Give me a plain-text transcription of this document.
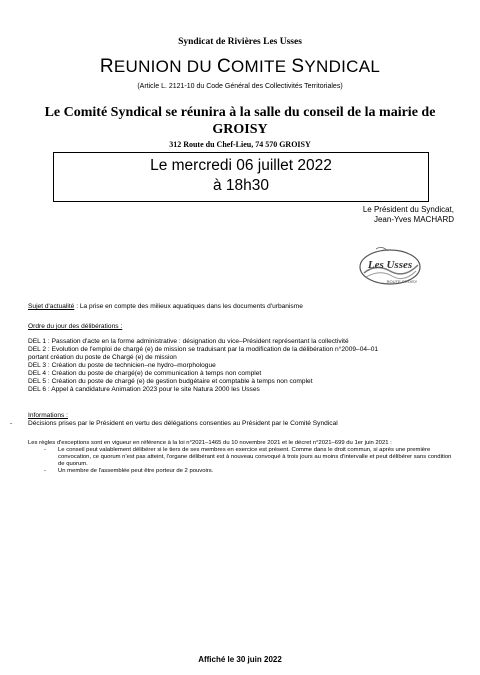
Syndicat de Rivières Les Usses
REUNION DU COMITE SYNDICAL
(Article L. 2121-10 du Code Général des Collectivités Territoriales)
Le Comité Syndical se réunira à la salle du conseil de la mairie de GROISY
312 Route du Chef-Lieu, 74 570 GROISY
Le mercredi 06 juillet 2022
à 18h30
Le Président du Syndicat,
Jean-Yves MACHARD
Les Usses
ROUTE GROISY
Sujet d'actualité : La prise en compte des milieux aquatiques dans les documents d'urbanisme
Ordre du jour des délibérations :
DEL 1 : Passation d'acte en la forme administrative : désignation du vice–Président représentant la collectivité
DEL 2 : Evolution de l'emploi de chargé (e) de mission se traduisant par la modification de la délibération n°2009–04–01
portant création du poste de Chargé (e) de mission
DEL 3 : Création du poste de technicien–ne hydro–morphologue
DEL 4 : Création du poste de chargé(e) de communication à temps non complet
DEL 5 : Création du poste de chargé (e) de gestion budgétaire et comptable à temps non complet
DEL 6 : Appel à candidature Animation 2023 pour le site Natura 2000 les Usses
Informations :
- Décisions prises par le Président en vertu des délégations consenties au Président par le Comité Syndical
Les règles d'exceptions sont en vigueur en référence à la loi n°2021–1465 du 10 novembre 2021 et le décret n°2021–699 du 1er juin 2021 :
- Le conseil peut valablement délibérer si le tiers de ses membres en exercice est présent. Comme dans le droit commun, si après une première convocation, ce quorum n'est pas atteint, l'organe délibérant est à nouveau convoqué à trois jours au moins d'intervalle et peut délibérer sans condition de quorum.
- Un membre de l'assemblée peut être porteur de 2 pouvoirs.
Affiché le 30 juin 2022
